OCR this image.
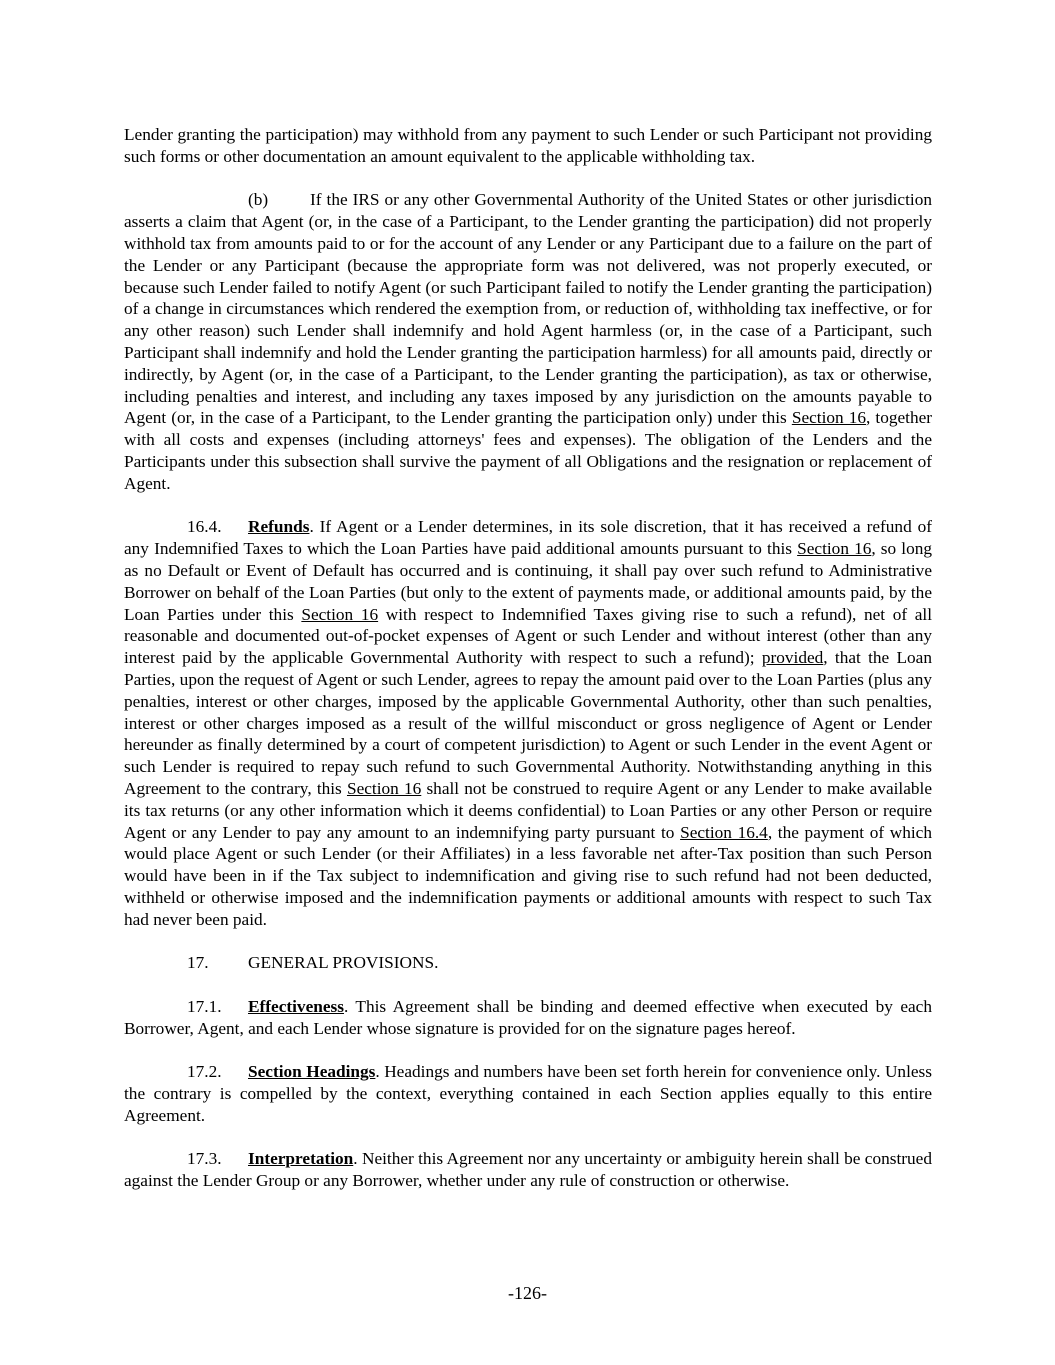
Lender granting the participation) may withhold from any payment to such Lender or such Participant not providing such forms or other documentation an amount equivalent to the applicable withholding tax.

(b) If the IRS or any other Governmental Authority of the United States or other jurisdiction asserts a claim that Agent (or, in the case of a Participant, to the Lender granting the participation) did not properly withhold tax from amounts paid to or for the account of any Lender or any Participant due to a failure on the part of the Lender or any Participant (because the appropriate form was not delivered, was not properly executed, or because such Lender failed to notify Agent (or such Participant failed to notify the Lender granting the participation) of a change in circumstances which rendered the exemption from, or reduction of, withholding tax ineffective, or for any other reason) such Lender shall indemnify and hold Agent harmless (or, in the case of a Participant, such Participant shall indemnify and hold the Lender granting the participation harmless) for all amounts paid, directly or indirectly, by Agent (or, in the case of a Participant, to the Lender granting the participation), as tax or otherwise, including penalties and interest, and including any taxes imposed by any jurisdiction on the amounts payable to Agent (or, in the case of a Participant, to the Lender granting the participation only) under this Section 16, together with all costs and expenses (including attorneys' fees and expenses). The obligation of the Lenders and the Participants under this subsection shall survive the payment of all Obligations and the resignation or replacement of Agent.

16.4. Refunds. If Agent or a Lender determines, in its sole discretion, that it has received a refund of any Indemnified Taxes to which the Loan Parties have paid additional amounts pursuant to this Section 16, so long as no Default or Event of Default has occurred and is continuing, it shall pay over such refund to Administrative Borrower on behalf of the Loan Parties (but only to the extent of payments made, or additional amounts paid, by the Loan Parties under this Section 16 with respect to Indemnified Taxes giving rise to such a refund), net of all reasonable and documented out-of-pocket expenses of Agent or such Lender and without interest (other than any interest paid by the applicable Governmental Authority with respect to such a refund); provided, that the Loan Parties, upon the request of Agent or such Lender, agrees to repay the amount paid over to the Loan Parties (plus any penalties, interest or other charges, imposed by the applicable Governmental Authority, other than such penalties, interest or other charges imposed as a result of the willful misconduct or gross negligence of Agent or Lender hereunder as finally determined by a court of competent jurisdiction) to Agent or such Lender in the event Agent or such Lender is required to repay such refund to such Governmental Authority. Notwithstanding anything in this Agreement to the contrary, this Section 16 shall not be construed to require Agent or any Lender to make available its tax returns (or any other information which it deems confidential) to Loan Parties or any other Person or require Agent or any Lender to pay any amount to an indemnifying party pursuant to Section 16.4, the payment of which would place Agent or such Lender (or their Affiliates) in a less favorable net after-Tax position than such Person would have been in if the Tax subject to indemnification and giving rise to such refund had not been deducted, withheld or otherwise imposed and the indemnification payments or additional amounts with respect to such Tax had never been paid.

17. GENERAL PROVISIONS.

17.1. Effectiveness. This Agreement shall be binding and deemed effective when executed by each Borrower, Agent, and each Lender whose signature is provided for on the signature pages hereof.

17.2. Section Headings. Headings and numbers have been set forth herein for convenience only. Unless the contrary is compelled by the context, everything contained in each Section applies equally to this entire Agreement.

17.3. Interpretation. Neither this Agreement nor any uncertainty or ambiguity herein shall be construed against the Lender Group or any Borrower, whether under any rule of construction or otherwise.

-126-
